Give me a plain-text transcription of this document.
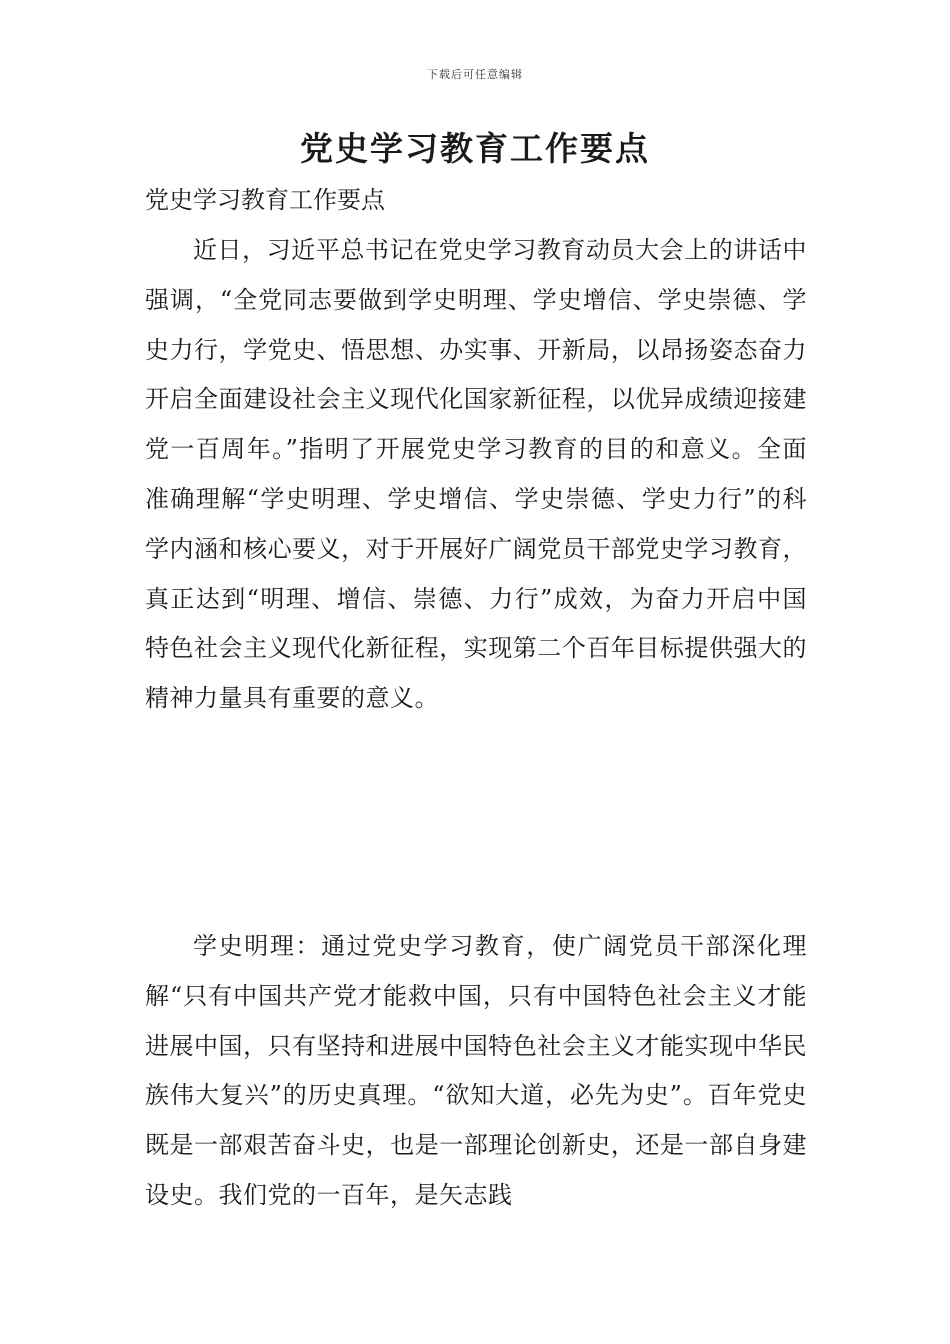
下载后可任意编辑
党史学习教育工作要点

党史学习教育工作要点

近日，习近平总书记在党史学习教育动员大会上的讲话中强调，“全党同志要做到学史明理、学史增信、学史崇德、学史力行，学党史、悟思想、办实事、开新局，以昂扬姿态奋力开启全面建设社会主义现代化国家新征程，以优异成绩迎接建党一百周年。”指明了开展党史学习教育的目的和意义。全面准确理解“学史明理、学史增信、学史崇德、学史力行”的科学内涵和核心要义，对于开展好广阔党员干部党史学习教育，真正达到“明理、增信、崇德、力行”成效，为奋力开启中国特色社会主义现代化新征程，实现第二个百年目标提供强大的精神力量具有重要的意义。

学史明理：通过党史学习教育，使广阔党员干部深化理解“只有中国共产党才能救中国，只有中国特色社会主义才能进展中国，只有坚持和进展中国特色社会主义才能实现中华民族伟大复兴”的历史真理。“欲知大道，必先为史”。百年党史既是一部艰苦奋斗史，也是一部理论创新史，还是一部自身建设史。我们党的一百年，是矢志践
